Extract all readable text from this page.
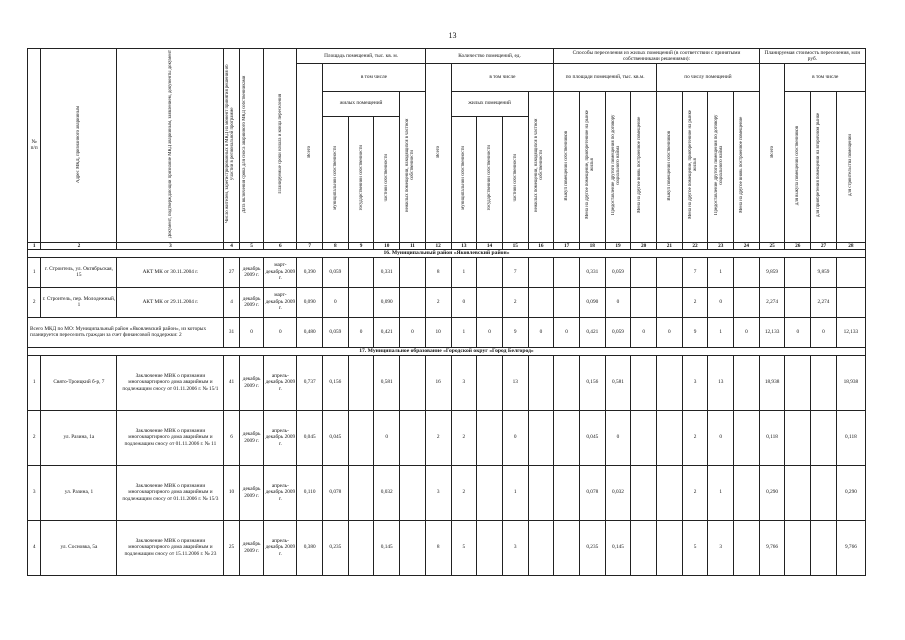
13
№ п/п	Адрес МКД, признанного аварийным	Документ, подтверждающий признание МКД аварийным, заявлением, документы документ	Число жителей, зарегистрированных в МКД на момент принятия решения об участии в региональной программе	Дата включения срока для сноса аварийного МКД собственниками	Планируемые сроки начала и конца переселения	Площадь помещений, тыс. кв. м.					Количество помещений, ед.					Способы переселения из жилых помещений (в соответствии с принятыми собственниками решениями):								Планируемая стоимость переселения, млн руб.			
						Всего	в том числе				Всего	в том числе				по площади помещений, тыс. кв.м.				по числу помещений				Всего	в том числе		
							жилых помещений			нежилых помещений, находящихся в частной собственности		жилых помещений			нежилых помещений, находящихся в частной собственности	Выкуп помещений собственников	Мена на другое помещение, приобретенное на рынке жилья	Предоставление другого помещения по договору социального найма	Мена на другое вновь построенное помещение	Выкуп помещений собственников	Мена на другое помещение, приобретенное на рынке жилья	Предоставление другого помещения по договору социального найма	Мена на другое вновь построенное помещение		для выкупа помещений собственников	для приобретения помещений на вторичном рынке	для строительства помещений
							муниципальной собственности	государственной собственности	частной собственности			муниципальной собственности	государственной собственности	частной собственности													
1	2	3	4	5	6	7	8	9	10	11	12	13	14	15	16	17	18	19	20	21	22	23	24	25	26	27	28
16. Муниципальный район «Яковлевский район»																											
1	г. Строитель, ул. Октябрьская, 15	АКТ МК от 30.11.2004 г.	27	декабрь 2009 г.	март-декабрь 2009 г.	0,390	0,059		0,331		8	1		7			0,331	0,059			7	1		9,859		9,859	
2	г. Строитель, пер. Молодежный, 1	АКТ МК от 29.11.2004 г.	4	декабрь 2009 г.	март-декабрь 2009 г.	0,090	0		0,090		2	0		2			0,090	0			2	0		2,274		2,274	
Всего МКД по МО: Муниципальный район «Яковлевский район», из которых планируется переселить граждан за счет финансовой поддержки: 2			31	0	0	0,480	0,059	0	0,421	0	10	1	0	9	0	0	0,421	0,059	0	0	9	1	0	12,133	0	0	12,133
17. Муниципальное образование «Городской округ «Город Белгород»																											
1	Свято-Троицкий б-р, 7	Заключение МВК о признании многоквартирного дома аварийным и подлежащим сносу от 01.11.2006 г. № 15/1	41	декабрь 2009 г.	апрель-декабрь 2009 г.	0,737	0,156		0,581		16	3		13			0,156	0,581			3	13		18,938			18,938
2	ул. Разина, 1а	Заключение МВК о признании многоквартирного дома аварийным и подлежащим сносу от 01.11.2006 г. № 11	6	декабрь 2009 г.	апрель-декабрь 2009 г.	0,045	0,045		0		2	2		0			0,045	0			2	0		0,118			0,118
3	ул. Разина, 1	Заключение МВК о признании многоквартирного дома аварийным и подлежащим сносу от 01.11.2006 г. № 15/3	10	декабрь 2009 г.	апрель-декабрь 2009 г.	0,110	0,078		0,032		3	2		1			0,078	0,032			2	1		0,290			0,290
4	ул. Сосновка, 5а	Заключение МВК о признании многоквартирного дома аварийным и подлежащим сносу от 15.11.2006 г. № 23	25	декабрь 2009 г.	апрель-декабрь 2009 г.	0,380	0,235		0,145		8	5		3			0,235	0,145			5	3		9,766			9,766
